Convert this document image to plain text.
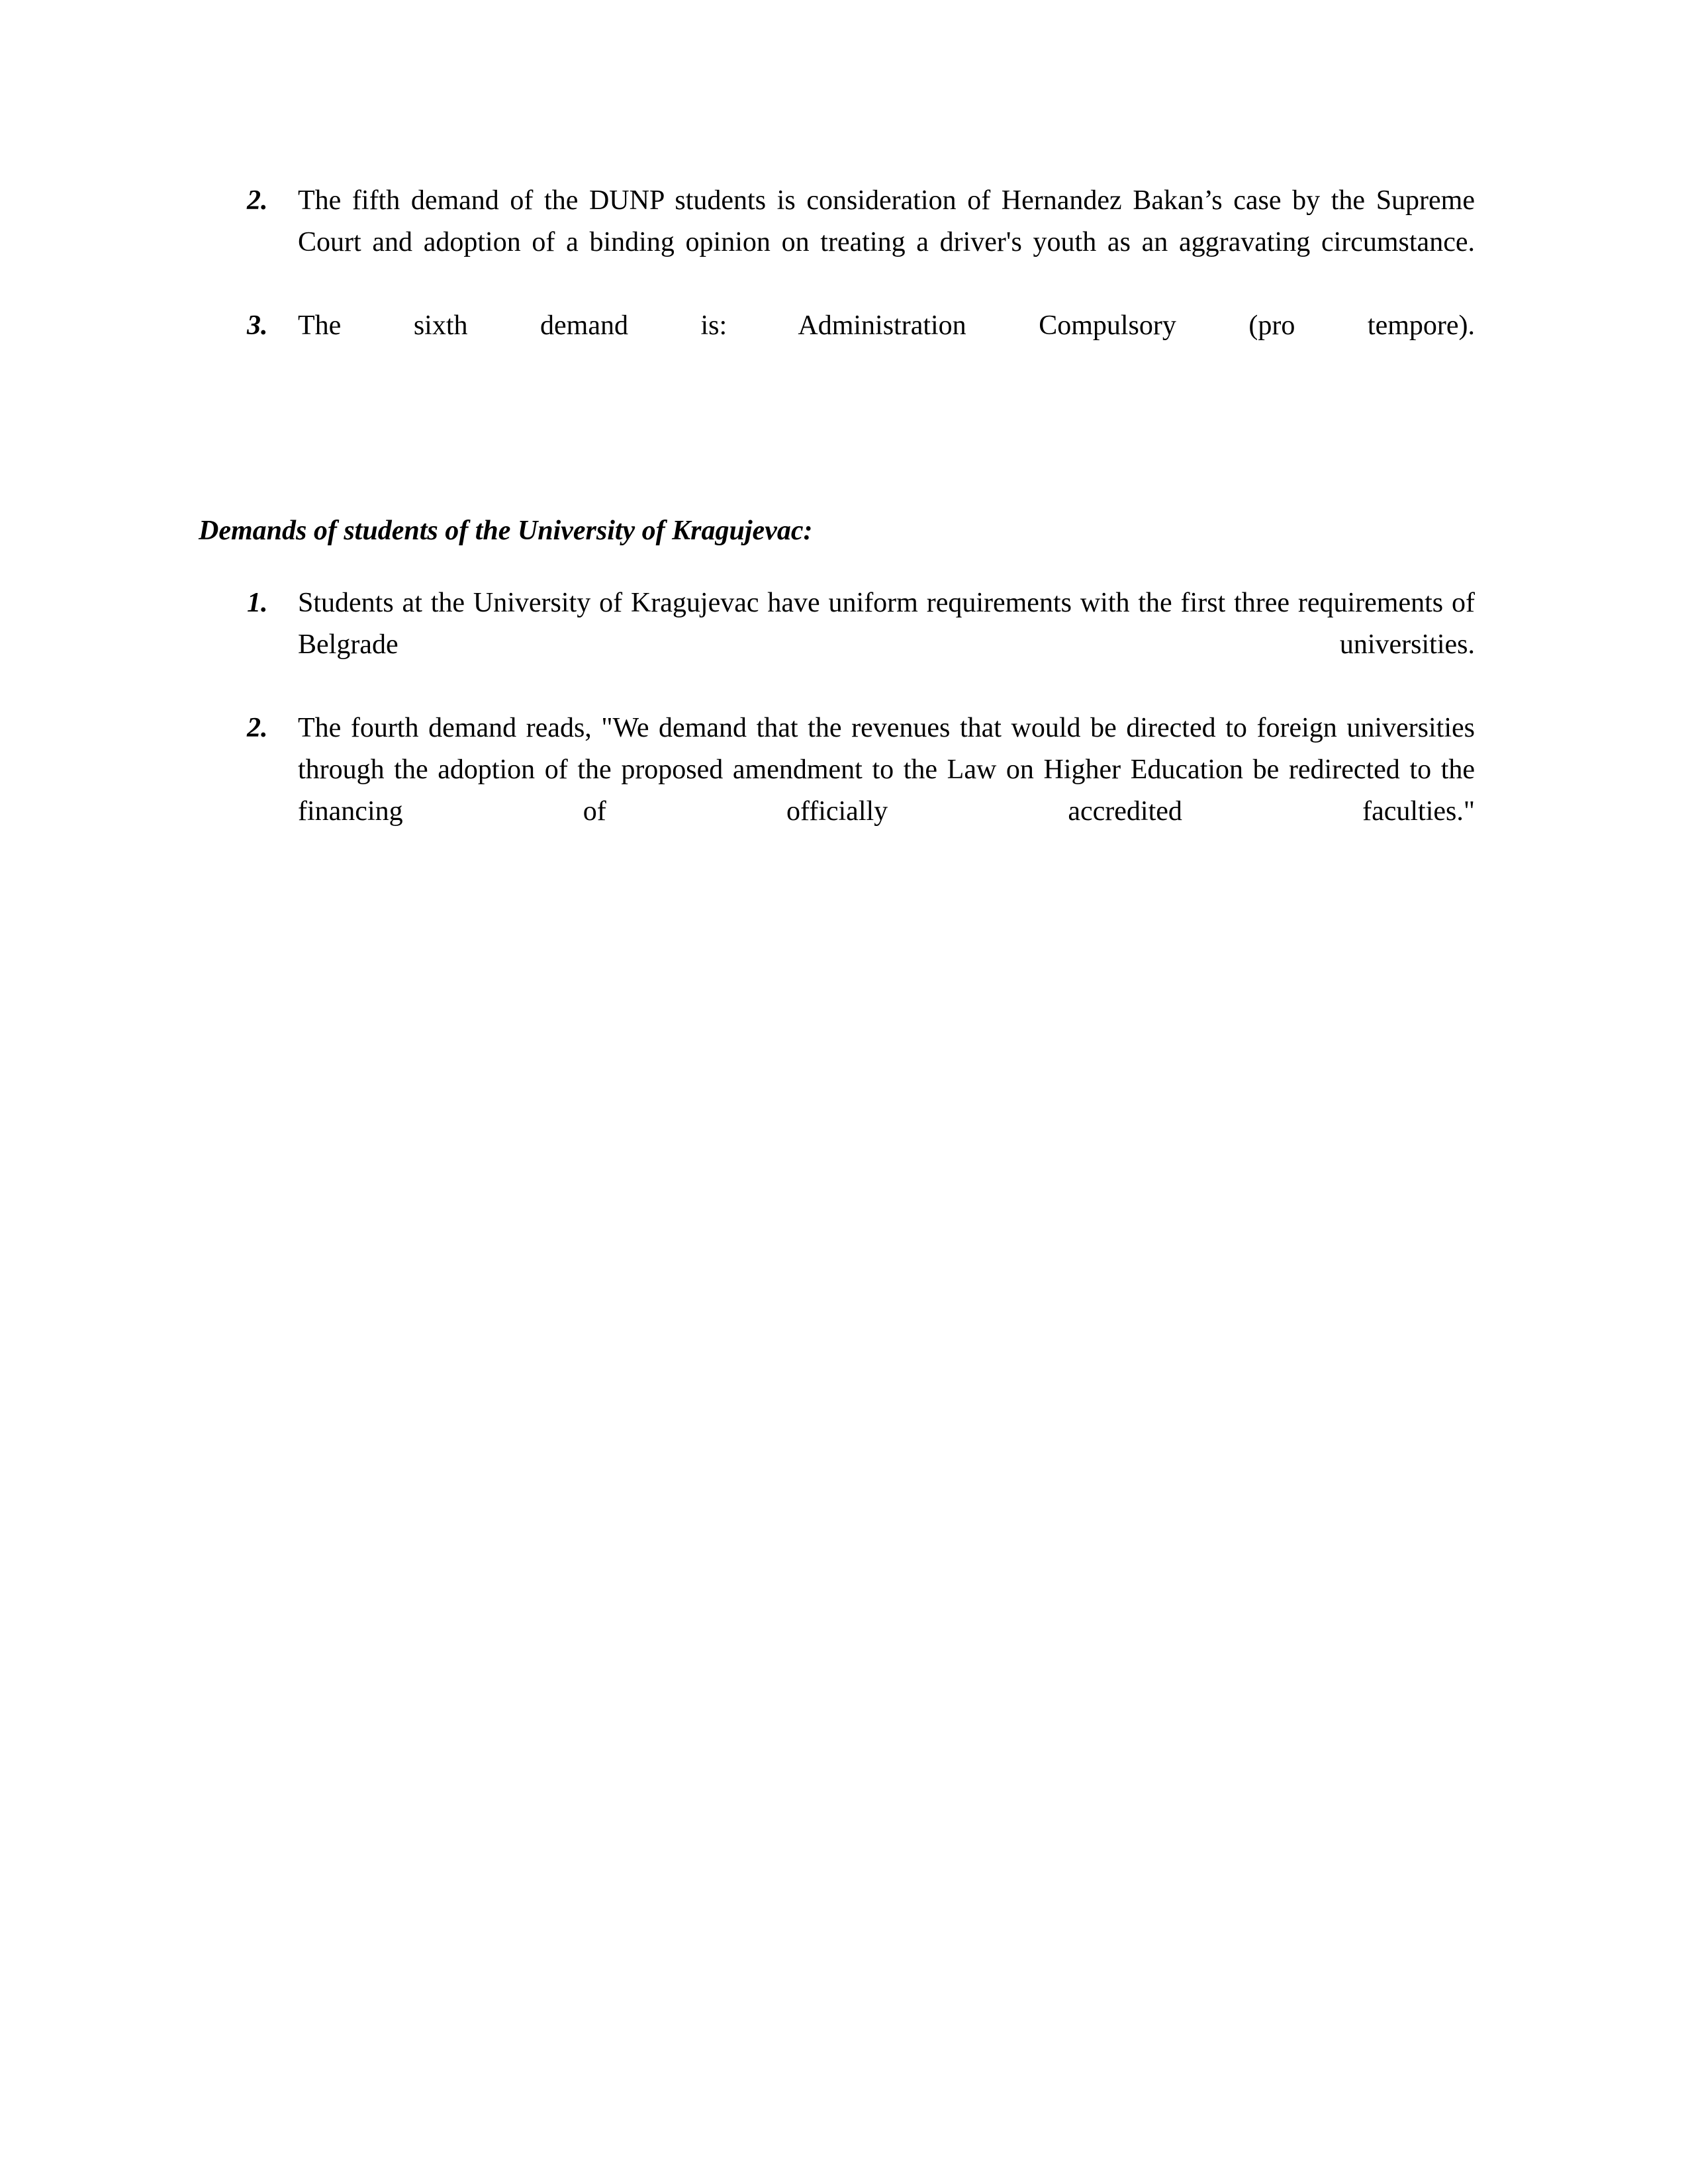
2.	The fifth demand of the DUNP students is consideration of Hernandez Bakan’s case by the Supreme Court and adoption of a binding opinion on treating a driver's youth as an aggravating circumstance.
3.	The sixth demand is: Administration Compulsory (pro tempore).
Demands of students of the University of Kragujevac:
1.	Students at the University of Kragujevac have uniform requirements with the first three requirements of Belgrade universities.
2.	The fourth demand reads, "We demand that the revenues that would be directed to foreign universities through the adoption of the proposed amendment to the Law on Higher Education be redirected to the financing of officially accredited faculties."
